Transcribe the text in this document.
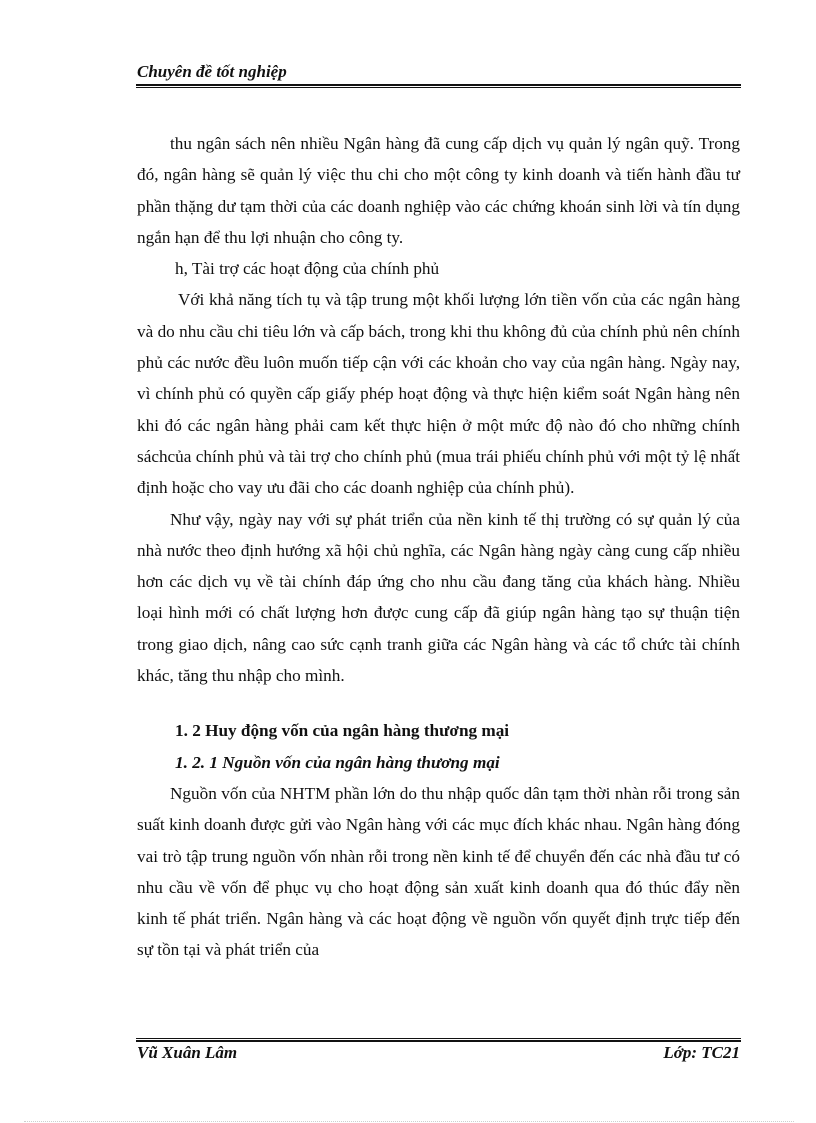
Chuyên đề tốt nghiệp

thu ngân sách nên nhiều Ngân hàng đã cung cấp dịch vụ quản lý ngân quỹ. Trong đó, ngân hàng sẽ quản lý việc thu chi cho một công ty kinh doanh và tiến hành đầu tư phần thặng dư tạm thời của các doanh nghiệp vào các chứng khoán sinh lời và tín dụng ngắn hạn để thu lợi nhuận cho công ty.

h, Tài trợ các hoạt động của chính phủ

Với khả năng tích tụ và tập trung một khối lượng lớn tiền vốn của các ngân hàng và do nhu cầu chi tiêu lớn và cấp bách, trong khi thu không đủ của chính phủ nên chính phủ các nước đều luôn muốn tiếp cận với các khoản cho vay của ngân hàng. Ngày nay, vì chính phủ có quyền cấp giấy phép hoạt động và thực hiện kiểm soát Ngân hàng nên khi đó các ngân hàng phải cam kết thực hiện ở một mức độ nào đó cho những chính sáchcủa chính phủ và tài trợ cho chính phủ (mua trái phiếu chính phủ với một tỷ lệ nhất định hoặc cho vay ưu đãi cho các doanh nghiệp của chính phủ).

Như vậy, ngày nay với sự phát triển của nền kinh tế thị trường có sự quản lý của nhà nước theo định hướng xã hội chủ nghĩa, các Ngân hàng ngày càng cung cấp nhiều hơn các dịch vụ về tài chính đáp ứng cho nhu cầu đang tăng của khách hàng. Nhiều loại hình mới có chất lượng hơn được cung cấp đã giúp ngân hàng tạo sự thuận tiện trong giao dịch, nâng cao sức cạnh tranh giữa các Ngân hàng và các tổ chức tài chính khác, tăng thu nhập cho mình.

1. 2 Huy động vốn của ngân hàng thương mại

1. 2. 1 Nguồn vốn của ngân hàng thương mại

Nguồn vốn của NHTM phần lớn do thu nhập quốc dân tạm thời nhàn rỗi trong sản suất kinh doanh được gửi vào Ngân hàng với các mục đích khác nhau. Ngân hàng đóng vai trò tập trung nguồn vốn nhàn rỗi trong nền kinh tế để chuyển đến các nhà đầu tư có nhu cầu về vốn để phục vụ cho hoạt động sản xuất kinh doanh qua đó thúc đẩy nền kinh tế phát triển. Ngân hàng và các hoạt động về nguồn vốn quyết định trực tiếp đến sự tồn tại và phát triển của

Vũ Xuân Lâm	Lớp: TC21
